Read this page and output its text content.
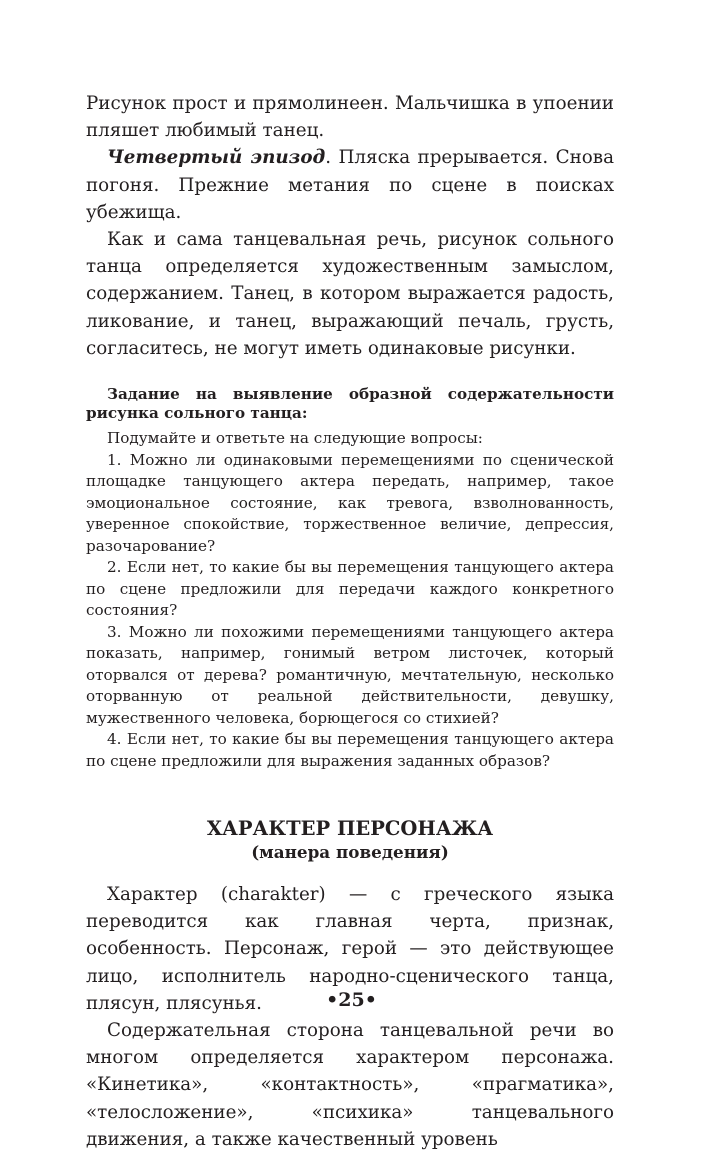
Рисунок прост и прямолинеен. Мальчишка в упоении пляшет любимый танец.

Четвертый эпизод. Пляска прерывается. Снова погоня. Прежние метания по сцене в поисках убежища.

Как и сама танцевальная речь, рисунок сольного танца определяется художественным замыслом, содержанием. Танец, в котором выражается радость, ликование, и танец, выражающий печаль, грусть, согласитесь, не могут иметь одинаковые рисунки.

Задание на выявление образной содержательности рисунка сольного танца:

Подумайте и ответьте на следующие вопросы:

1. Можно ли одинаковыми перемещениями по сценической площадке танцующего актера передать, например, такое эмоциональное состояние, как тревога, взволнованность, уверенное спокойствие, торжественное величие, депрессия, разочарование?

2. Если нет, то какие бы вы перемещения танцующего актера по сцене предложили для передачи каждого конкретного состояния?

3. Можно ли похожими перемещениями танцующего актера показать, например, гонимый ветром листочек, который оторвался от дерева? романтичную, мечтательную, несколько оторванную от реальной действительности, девушку, мужественного человека, борющегося со стихией?

4. Если нет, то какие бы вы перемещения танцующего актера по сцене предложили для выражения заданных образов?

ХАРАКТЕР ПЕРСОНАЖА
(манера поведения)

Характер (charakter) — с греческого языка переводится как главная черта, признак, особенность. Персонаж, герой — это действующее лицо, исполнитель народно-сценического танца, плясун, плясунья.

Содержательная сторона танцевальной речи во многом определяется характером персонажа. «Кинетика», «контактность», «прагматика», «телосложение», «психика» танцевального движения, а также качественный уровень

•25•
